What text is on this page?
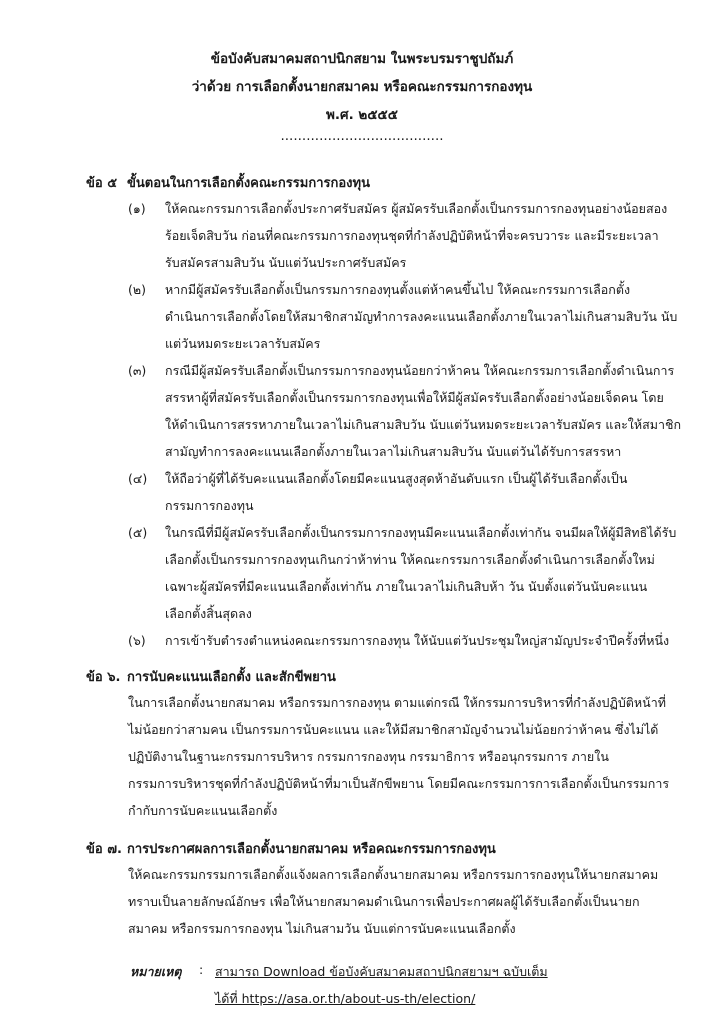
ข้อบังคับสมาคมสถาปนิกสยาม ในพระบรมราชูปถัมภ์
ว่าด้วย การเลือกตั้งนายกสมาคม หรือคณะกรรมการกองทุน
พ.ศ. ๒๕๕๕
......................................
ข้อ ๕ ขั้นตอนในการเลือกตั้งคณะกรรมการกองทุน
(๑) ให้คณะกรรมการเลือกตั้งประกาศรับสมัคร ผู้สมัครรับเลือกตั้งเป็นกรรมการกองทุนอย่างน้อยสอง
ร้อยเจ็ดสิบวัน ก่อนที่คณะกรรมการกองทุนชุดที่กำลังปฏิบัติหน้าที่จะครบวาระ และมีระยะเวลา
รับสมัครสามสิบวัน นับแต่วันประกาศรับสมัคร
(๒) หากมีผู้สมัครรับเลือกตั้งเป็นกรรมการกองทุนตั้งแต่ห้าคนขึ้นไป ให้คณะกรรมการเลือกตั้ง
ดำเนินการเลือกตั้งโดยให้สมาชิกสามัญทำการลงคะแนนเลือกตั้งภายในเวลาไม่เกินสามสิบวัน นับ
แต่วันหมดระยะเวลารับสมัคร
(๓) กรณีมีผู้สมัครรับเลือกตั้งเป็นกรรมการกองทุนน้อยกว่าห้าคน ให้คณะกรรมการเลือกตั้งดำเนินการ
สรรหาผู้ที่สมัครรับเลือกตั้งเป็นกรรมการกองทุนเพื่อให้มีผู้สมัครรับเลือกตั้งอย่างน้อยเจ็ดคน โดย
ให้ดำเนินการสรรหาภายในเวลาไม่เกินสามสิบวัน นับแต่วันหมดระยะเวลารับสมัคร และให้สมาชิก
สามัญทำการลงคะแนนเลือกตั้งภายในเวลาไม่เกินสามสิบวัน นับแต่วันได้รับการสรรหา
(๔) ให้ถือว่าผู้ที่ได้รับคะแนนเลือกตั้งโดยมีคะแนนสูงสุดห้าอันดับแรก เป็นผู้ได้รับเลือกตั้งเป็น
กรรมการกองทุน
(๕) ในกรณีที่มีผู้สมัครรับเลือกตั้งเป็นกรรมการกองทุนมีคะแนนเลือกตั้งเท่ากัน จนมีผลให้ผู้มีสิทธิได้รับ
เลือกตั้งเป็นกรรมการกองทุนเกินกว่าห้าท่าน ให้คณะกรรมการเลือกตั้งดำเนินการเลือกตั้งใหม่
เฉพาะผู้สมัครที่มีคะแนนเลือกตั้งเท่ากัน ภายในเวลาไม่เกินสิบห้า วัน นับตั้งแต่วันนับคะแนน
เลือกตั้งสิ้นสุดลง
(๖) การเข้ารับตำรงตำแหน่งคณะกรรมการกองทุน ให้นับแต่วันประชุมใหญ่สามัญประจำปีครั้งที่หนึ่ง
ข้อ ๖. การนับคะแนนเลือกตั้ง และสักขีพยาน
ในการเลือกตั้งนายกสมาคม หรือกรรมการกองทุน ตามแต่กรณี ให้กรรมการบริหารที่กำลังปฏิบัติหน้าที่
ไม่น้อยกว่าสามคน เป็นกรรมการนับคะแนน และให้มีสมาชิกสามัญจำนวนไม่น้อยกว่าห้าคน ซึ่งไม่ได้
ปฏิบัติงานในฐานะกรรมการบริหาร กรรมการกองทุน กรรมาธิการ หรืออนุกรรมการ ภายใน
กรรมการบริหารชุดที่กำลังปฏิบัติหน้าที่มาเป็นสักขีพยาน โดยมีคณะกรรมการการเลือกตั้งเป็นกรรมการ
กำกับการนับคะแนนเลือกตั้ง
ข้อ ๗. การประกาศผลการเลือกตั้งนายกสมาคม หรือคณะกรรมการกองทุน
ให้คณะกรรมกรรมการเลือกตั้งแจ้งผลการเลือกตั้งนายกสมาคม หรือกรรมการกองทุนให้นายกสมาคม
ทราบเป็นลายลักษณ์อักษร เพื่อให้นายกสมาคมดำเนินการเพื่อประกาศผลผู้ได้รับเลือกตั้งเป็นนายก
สมาคม หรือกรรมการกองทุน ไม่เกินสามวัน นับแต่การนับคะแนนเลือกตั้ง
หมายเหตุ : สามารถ Download ข้อบังคับสมาคมสถาปนิกสยามฯ ฉบับเต็ม
ได้ที่ https://asa.or.th/about-us-th/election/
